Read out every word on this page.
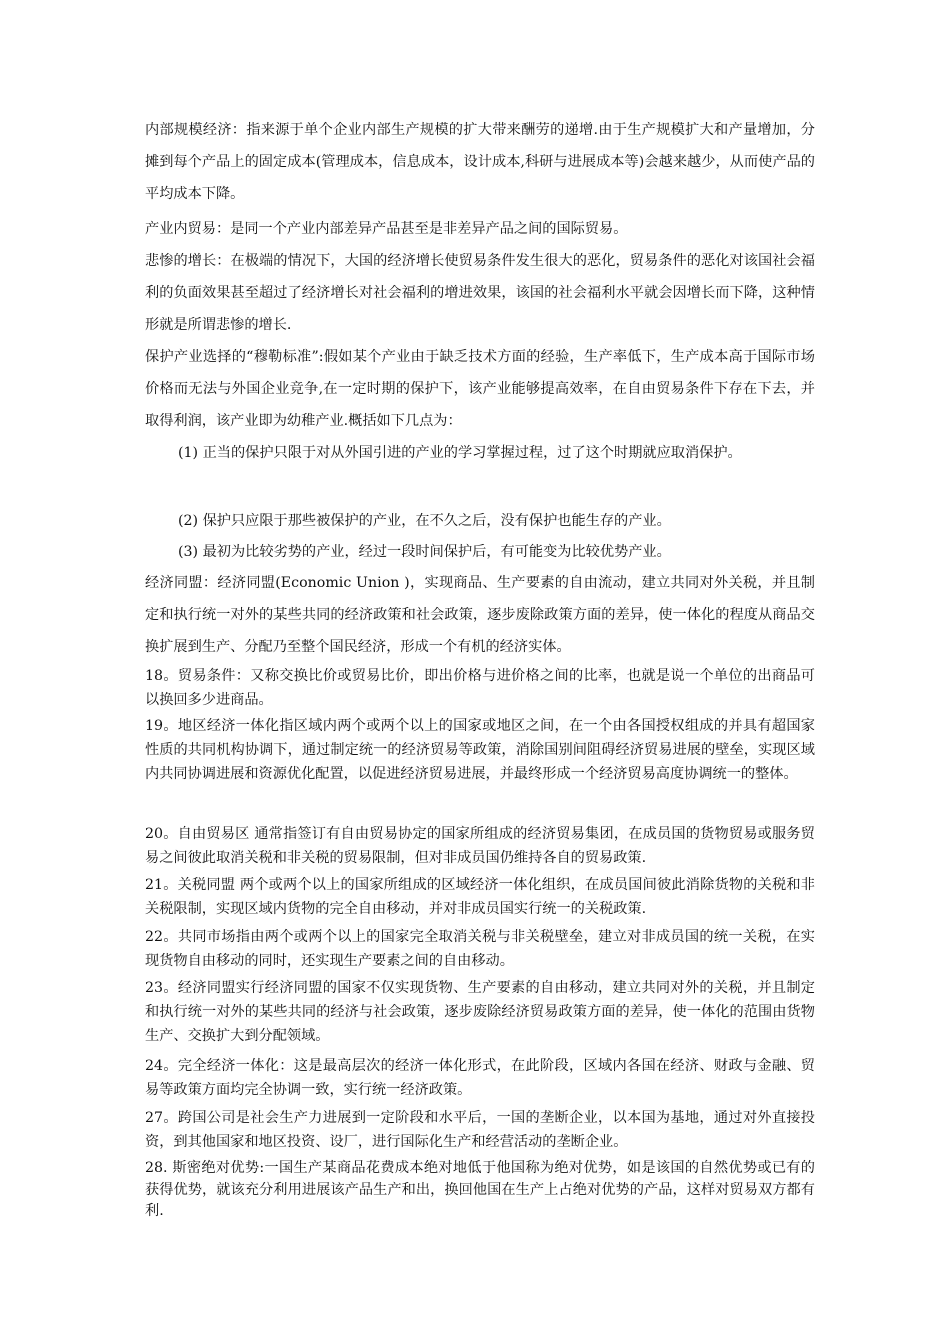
内部规模经济：指来源于单个企业内部生产规模的扩大带来酬劳的递增.由于生产规模扩大和产量增加，分摊到每个产品上的固定成本(管理成本，信息成本，设计成本,科研与进展成本等)会越来越少，从而使产品的平均成本下降。

产业内贸易：是同一个产业内部差异产品甚至是非差异产品之间的国际贸易。

悲惨的增长：在极端的情况下，大国的经济增长使贸易条件发生很大的恶化，贸易条件的恶化对该国社会福利的负面效果甚至超过了经济增长对社会福利的增进效果，该国的社会福利水平就会因增长而下降，这种情形就是所谓悲惨的增长.

保护产业选择的“穆勒标准”:假如某个产业由于缺乏技术方面的经验，生产率低下，生产成本高于国际市场价格而无法与外国企业竞争,在一定时期的保护下，该产业能够提高效率，在自由贸易条件下存在下去，并取得利润，该产业即为幼稚产业.概括如下几点为：

(1) 正当的保护只限于对从外国引进的产业的学习掌握过程，过了这个时期就应取消保护。

(2) 保护只应限于那些被保护的产业，在不久之后，没有保护也能生存的产业。

(3) 最初为比较劣势的产业，经过一段时间保护后，有可能变为比较优势产业。

经济同盟：经济同盟(Economic Union )，实现商品、生产要素的自由流动，建立共同对外关税，并且制定和执行统一对外的某些共同的经济政策和社会政策，逐步废除政策方面的差异，使一体化的程度从商品交换扩展到生产、分配乃至整个国民经济，形成一个有机的经济实体。

18。贸易条件：又称交换比价或贸易比价，即出价格与进价格之间的比率，也就是说一个单位的出商品可以换回多少进商品。

19。地区经济一体化指区域内两个或两个以上的国家或地区之间，在一个由各国授权组成的并具有超国家性质的共同机构协调下，通过制定统一的经济贸易等政策，消除国别间阻碍经济贸易进展的壁垒，实现区域内共同协调进展和资源优化配置，以促进经济贸易进展，并最终形成一个经济贸易高度协调统一的整体。

20。自由贸易区 通常指签订有自由贸易协定的国家所组成的经济贸易集团，在成员国的货物贸易或服务贸易之间彼此取消关税和非关税的贸易限制，但对非成员国仍维持各自的贸易政策.

21。关税同盟 两个或两个以上的国家所组成的区域经济一体化组织，在成员国间彼此消除货物的关税和非关税限制，实现区域内货物的完全自由移动，并对非成员国实行统一的关税政策.

22。共同市场指由两个或两个以上的国家完全取消关税与非关税壁垒，建立对非成员国的统一关税，在实现货物自由移动的同时，还实现生产要素之间的自由移动。

23。经济同盟实行经济同盟的国家不仅实现货物、生产要素的自由移动，建立共同对外的关税，并且制定和执行统一对外的某些共同的经济与社会政策，逐步废除经济贸易政策方面的差异，使一体化的范围由货物生产、交换扩大到分配领域。

24。完全经济一体化：这是最高层次的经济一体化形式，在此阶段，区域内各国在经济、财政与金融、贸易等政策方面均完全协调一致，实行统一经济政策。

27。跨国公司是社会生产力进展到一定阶段和水平后，一国的垄断企业，以本国为基地，通过对外直接投资，到其他国家和地区投资、设厂，进行国际化生产和经营活动的垄断企业。

28. 斯密绝对优势:一国生产某商品花费成本绝对地低于他国称为绝对优势，如是该国的自然优势或已有的获得优势，就该充分利用进展该产品生产和出，换回他国在生产上占绝对优势的产品，这样对贸易双方都有利.
